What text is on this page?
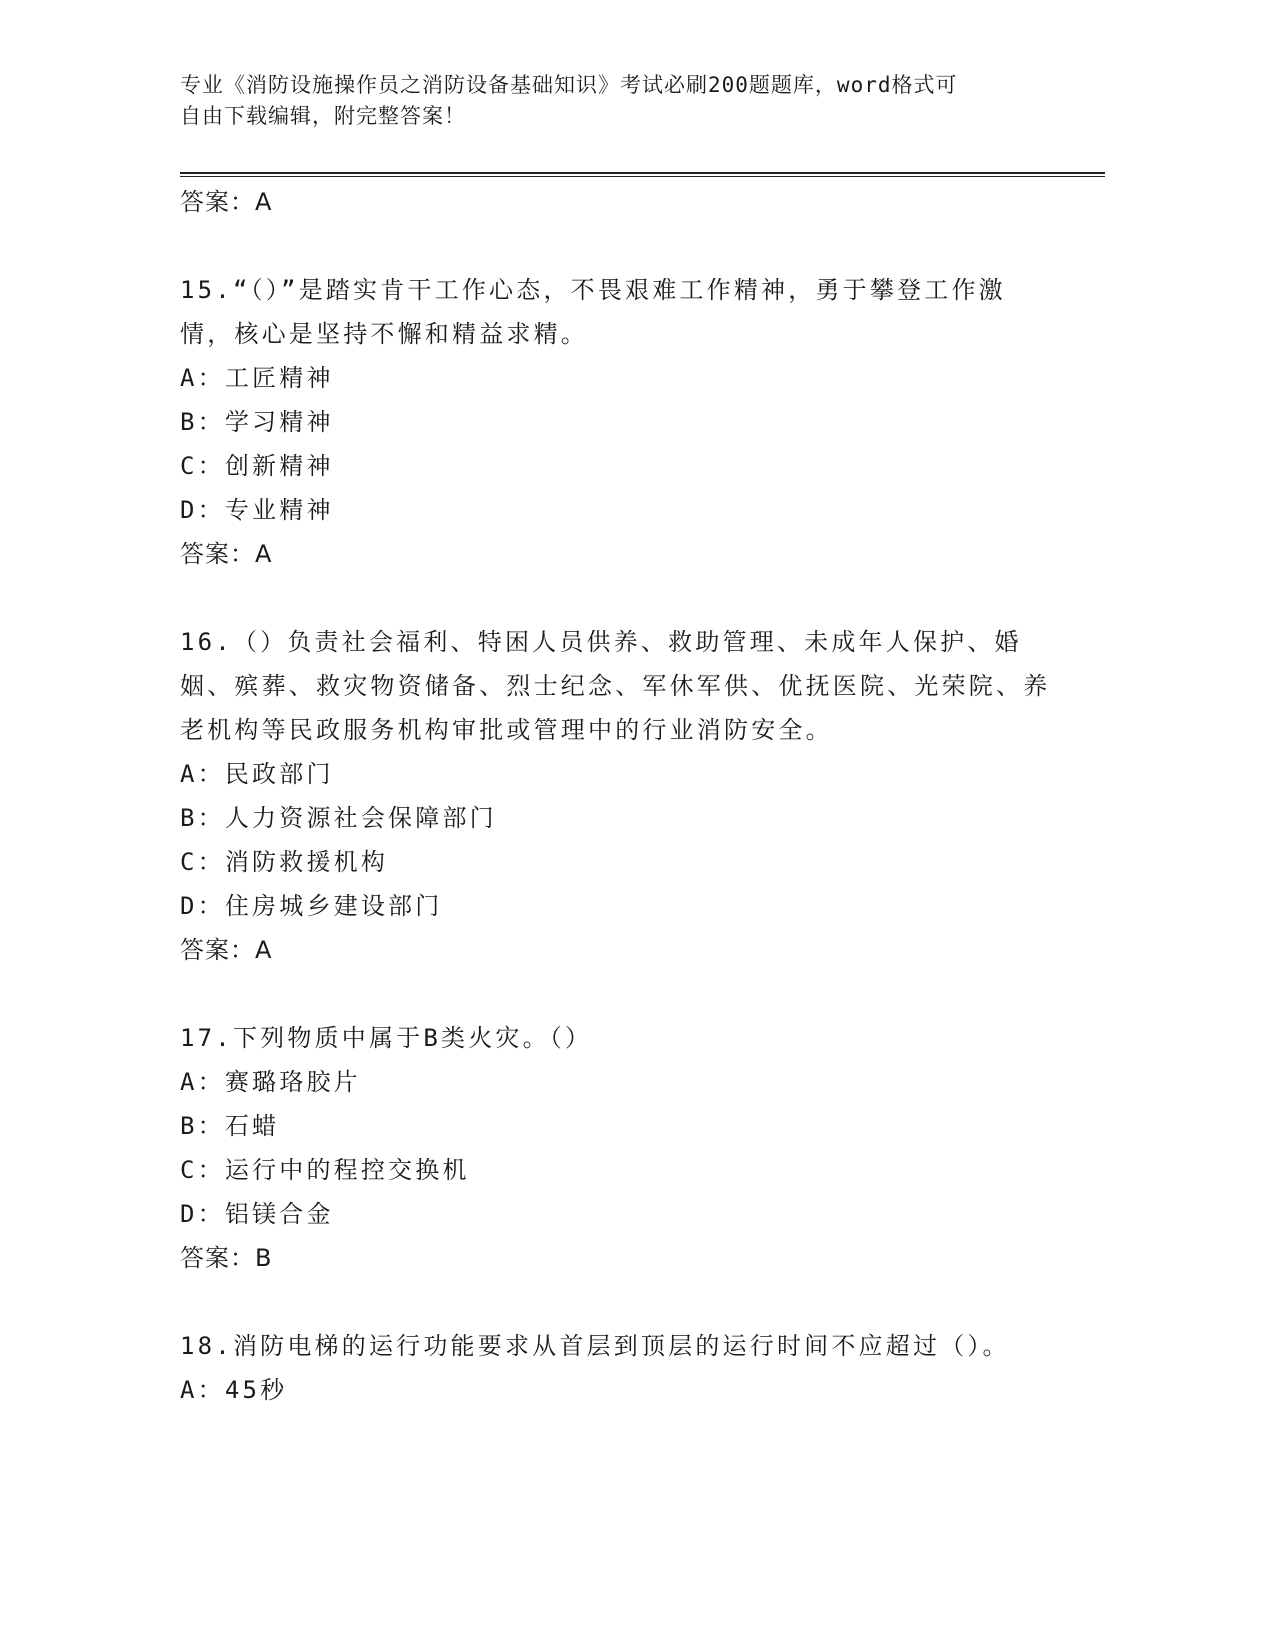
专业《消防设施操作员之消防设备基础知识》考试必刷200题题库，word格式可
自由下载编辑，附完整答案！
答案：A
15.“（）”是踏实肯干工作心态，不畏艰难工作精神，勇于攀登工作激情，核心是坚持不懈和精益求精。
A：工匠精神
B：学习精神
C：创新精神
D：专业精神
答案：A
16.（）负责社会福利、特困人员供养、救助管理、未成年人保护、婚姻、殡葬、救灾物资储备、烈士纪念、军休军供、优抚医院、光荣院、养老机构等民政服务机构审批或管理中的行业消防安全。
A：民政部门
B：人力资源社会保障部门
C：消防救援机构
D：住房城乡建设部门
答案：A
17.下列物质中属于B类火灾。（）
A：赛璐珞胶片
B：石蜡
C：运行中的程控交换机
D：铝镁合金
答案：B
18.消防电梯的运行功能要求从首层到顶层的运行时间不应超过（）。
A：45秒
